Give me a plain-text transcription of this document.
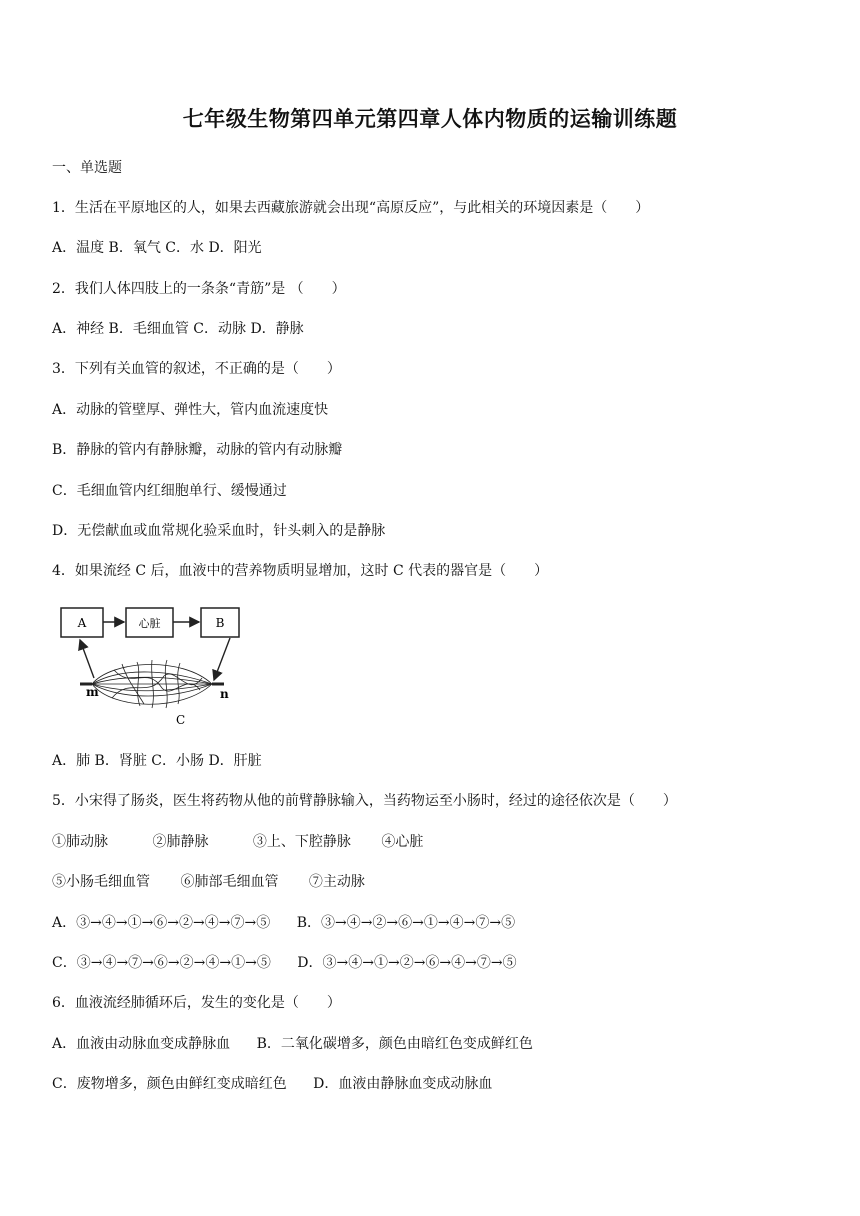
七年级生物第四单元第四章人体内物质的运输训练题
一、单选题
1．生活在平原地区的人，如果去西藏旅游就会出现“高原反应”，与此相关的环境因素是（　　）
A．温度 B．氧气 C．水 D．阳光
2．我们人体四肢上的一条条“青筋”是 （　　）
A．神经 B．毛细血管 C．动脉 D．静脉
3．下列有关血管的叙述，不正确的是（　　）
A．动脉的管壁厚、弹性大，管内血流速度快
B．静脉的管内有静脉瓣，动脉的管内有动脉瓣
C．毛细血管内红细胞单行、缓慢通过
D．无偿献血或血常规化验采血时，针头刺入的是静脉
4．如果流经 C 后，血液中的营养物质明显增加，这时 C 代表的器官是（　　）
A	心脏	B
m	n
C
A．肺 B．肾脏 C．小肠 D．肝脏
5．小宋得了肠炎，医生将药物从他的前臂静脉输入，当药物运至小肠时，经过的途径依次是（　　）
①肺动脉	②肺静脉	③上、下腔静脉 ④心脏
⑤小肠毛细血管 ⑥肺部毛细血管 ⑦主动脉
A．③→④→①→⑥→②→④→⑦→⑤ B．③→④→②→⑥→①→④→⑦→⑤
C．③→④→⑦→⑥→②→④→①→⑤ D．③→④→①→②→⑥→④→⑦→⑤
6．血液流经肺循环后，发生的变化是（　　）
A．血液由动脉血变成静脉血 B．二氧化碳增多，颜色由暗红色变成鲜红色
C．废物增多，颜色由鲜红变成暗红色 D．血液由静脉血变成动脉血
